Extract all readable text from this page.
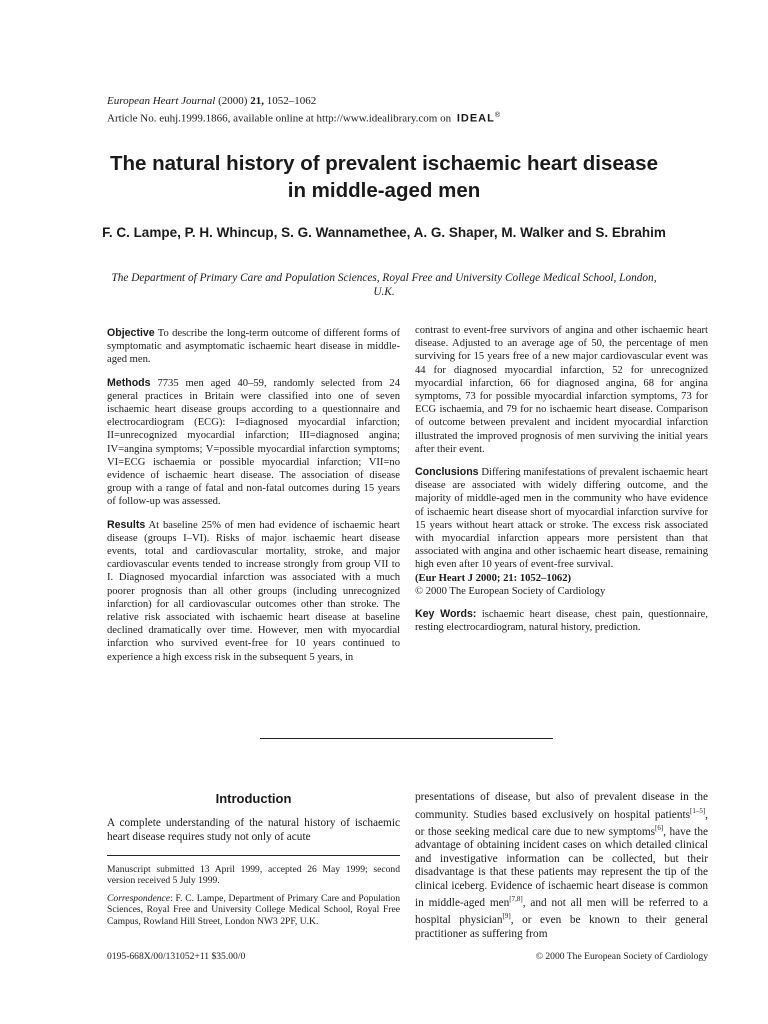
European Heart Journal (2000) 21, 1052–1062
Article No. euhj.1999.1866, available online at http://www.idealibrary.com on IDEAL®
The natural history of prevalent ischaemic heart disease in middle-aged men
F. C. Lampe, P. H. Whincup, S. G. Wannamethee, A. G. Shaper, M. Walker and S. Ebrahim
The Department of Primary Care and Population Sciences, Royal Free and University College Medical School, London, U.K.

Objective To describe the long-term outcome of different forms of symptomatic and asymptomatic ischaemic heart disease in middle-aged men.

Methods 7735 men aged 40–59, randomly selected from 24 general practices in Britain were classified into one of seven ischaemic heart disease groups according to a questionnaire and electrocardiogram (ECG): I=diagnosed myocardial infarction; II=unrecognized myocardial infarction; III=diagnosed angina; IV=angina symptoms; V=possible myocardial infarction symptoms; VI=ECG ischaemia or possible myocardial infarction; VII=no evidence of ischaemic heart disease. The association of disease group with a range of fatal and non-fatal outcomes during 15 years of follow-up was assessed.

Results At baseline 25% of men had evidence of ischaemic heart disease (groups I–VI). Risks of major ischaemic heart disease events, total and cardiovascular mortality, stroke, and major cardiovascular events tended to increase strongly from group VII to I. Diagnosed myocardial infarction was associated with a much poorer prognosis than all other groups (including unrecognized infarction) for all cardiovascular outcomes other than stroke. The relative risk associated with ischaemic heart disease at baseline declined dramatically over time. However, men with myocardial infarction who survived event-free for 10 years continued to experience a high excess risk in the subsequent 5 years, in

contrast to event-free survivors of angina and other ischaemic heart disease. Adjusted to an average age of 50, the percentage of men surviving for 15 years free of a new major cardiovascular event was 44 for diagnosed myocardial infarction, 52 for unrecognized myocardial infarction, 66 for diagnosed angina, 68 for angina symptoms, 73 for possible myocardial infarction symptoms, 73 for ECG ischaemia, and 79 for no ischaemic heart disease. Comparison of outcome between prevalent and incident myocardial infarction illustrated the improved prognosis of men surviving the initial years after their event.

Conclusions Differing manifestations of prevalent ischaemic heart disease are associated with widely differing outcome, and the majority of middle-aged men in the community who have evidence of ischaemic heart disease short of myocardial infarction survive for 15 years without heart attack or stroke. The excess risk associated with myocardial infarction appears more persistent than that associated with angina and other ischaemic heart disease, remaining high even after 10 years of event-free survival.
(Eur Heart J 2000; 21: 1052–1062)
© 2000 The European Society of Cardiology

Key Words: ischaemic heart disease, chest pain, questionnaire, resting electrocardiogram, natural history, prediction.

Introduction
A complete understanding of the natural history of ischaemic heart disease requires study not only of acute

Manuscript submitted 13 April 1999, accepted 26 May 1999; second version received 5 July 1999.

Correspondence: F. C. Lampe, Department of Primary Care and Population Sciences, Royal Free and University College Medical School, Royal Free Campus, Rowland Hill Street, London NW3 2PF, U.K.

presentations of disease, but also of prevalent disease in the community. Studies based exclusively on hospital patients[1–5], or those seeking medical care due to new symptoms[6], have the advantage of obtaining incident cases on which detailed clinical and investigative information can be collected, but their disadvantage is that these patients may represent the tip of the clinical iceberg. Evidence of ischaemic heart disease is common in middle-aged men[7,8], and not all men will be referred to a hospital physician[9], or even be known to their general practitioner as suffering from
0195-668X/00/131052+11 $35.00/0	© 2000 The European Society of Cardiology
